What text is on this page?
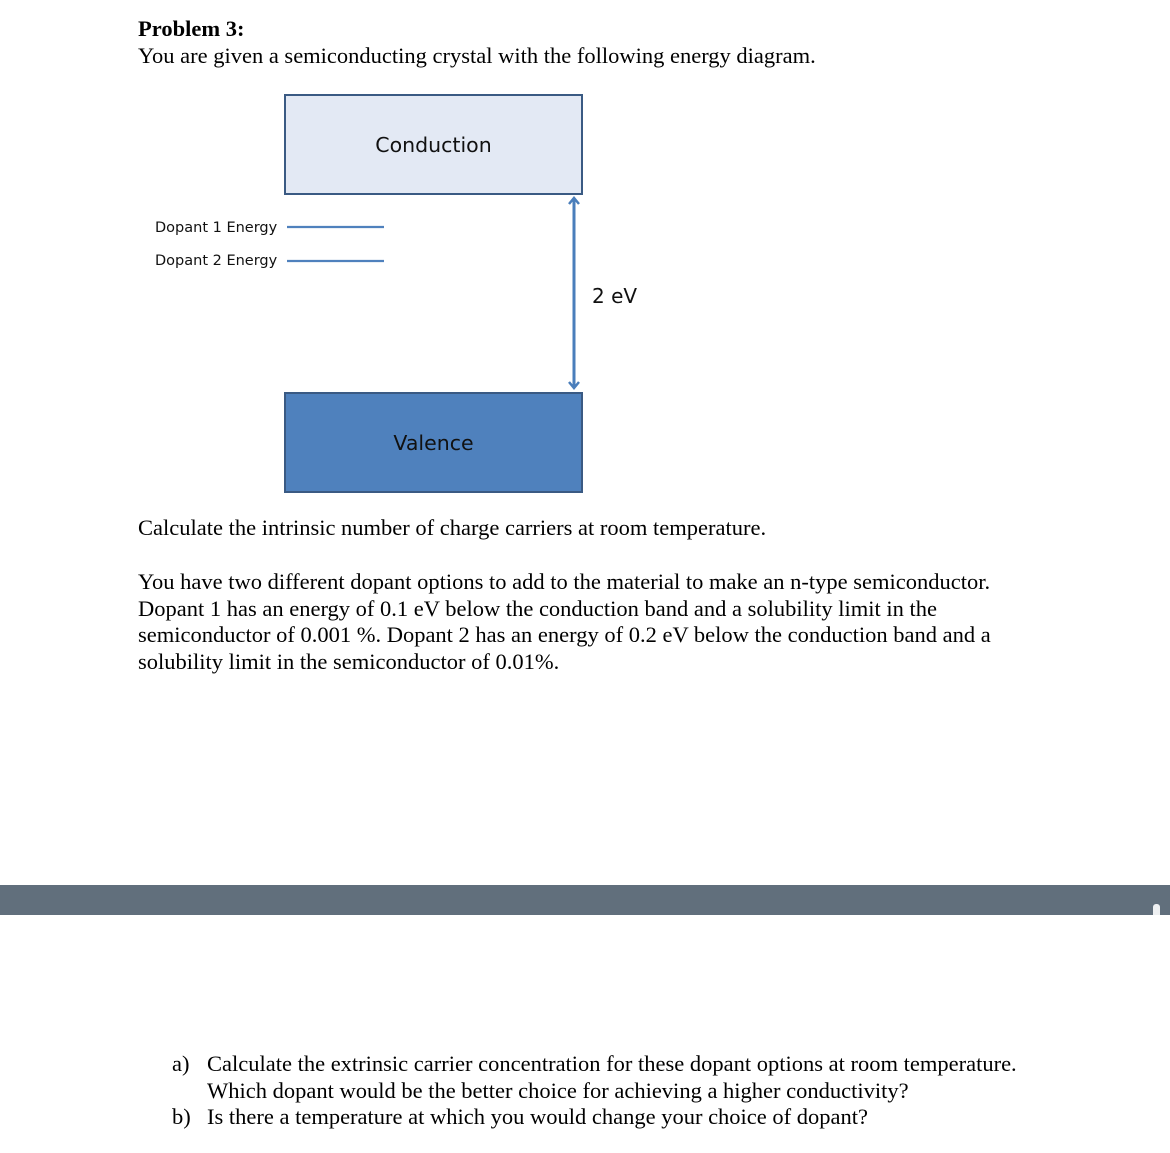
Problem 3:
You are given a semiconducting crystal with the following energy diagram.
Conduction
Valence
Dopant 1 Energy
Dopant 2 Energy
2 eV
Calculate the intrinsic number of charge carriers at room temperature.

You have two different dopant options to add to the material to make an n-type semiconductor.

Dopant 1 has an energy of 0.1 eV below the conduction band and a solubility limit in the

semiconductor of 0.001 %. Dopant 2 has an energy of 0.2 eV below the conduction band and a

solubility limit in the semiconductor of 0.01%.

a) Calculate the extrinsic carrier concentration for these dopant options at room temperature.
Which dopant would be the better choice for achieving a higher conductivity?
b) Is there a temperature at which you would change your choice of dopant?
